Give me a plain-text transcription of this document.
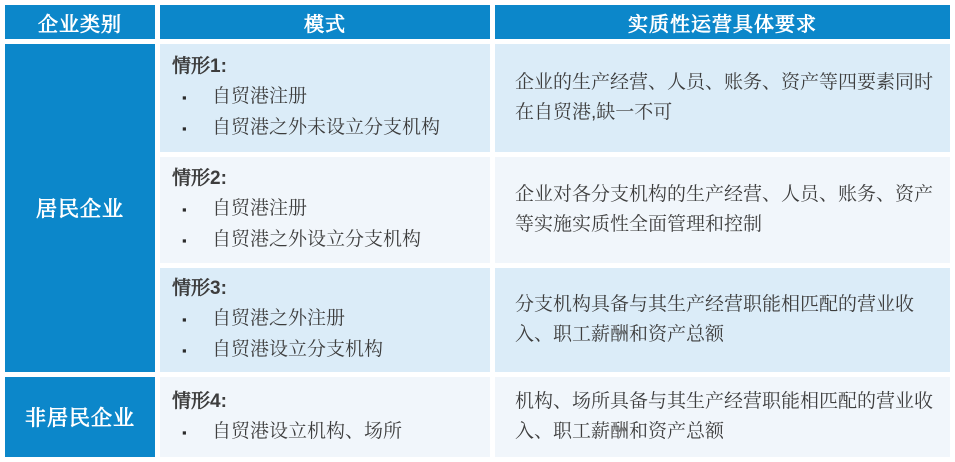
企业类别	模式	实质性运营具体要求
居民企业	
情形1:
▪	自贸港注册
▪	自贸港之外未设立分支机构
	企业的生产经营、人员、账务、资产等四要素同时在自贸港,缺一不可

情形2:
▪	自贸港注册
▪	自贸港之外设立分支机构
	企业对各分支机构的生产经营、人员、账务、资产等实施实质性全面管理和控制

情形3:
▪	自贸港之外注册
▪	自贸港设立分支机构
	分支机构具备与其生产经营职能相匹配的营业收入、职工薪酬和资产总额
非居民企业	
情形4:
▪	自贸港设立机构、场所
	机构、场所具备与其生产经营职能相匹配的营业收入、职工薪酬和资产总额
